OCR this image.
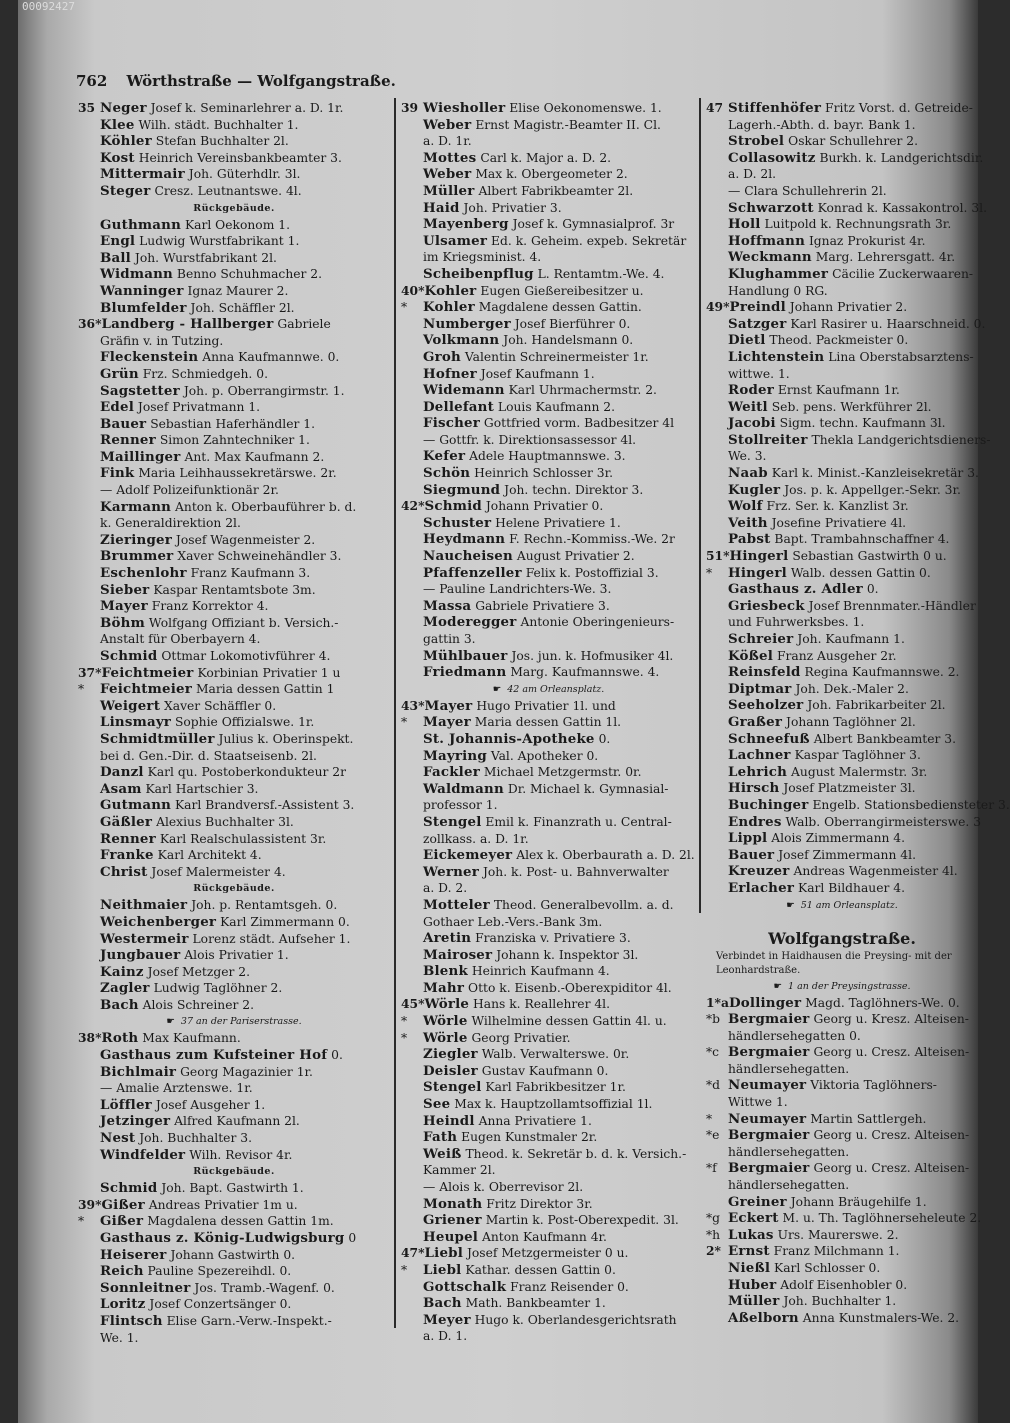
00092427
762 Wörthstraße — Wolfgangstraße.
35 Neger Josef k. Seminarlehrer a. D. 1r.
Klee Wilh. städt. Buchhalter 1.
Köhler Stefan Buchhalter 2l.
Kost Heinrich Vereinsbankbeamter 3.
Mittermair Joh. Güterhdlr. 3l.
Steger Cresz. Leutnantswe. 4l.
Rückgebäude.
Guthmann Karl Oekonom 1.
Engl Ludwig Wurstfabrikant 1.
Ball Joh. Wurstfabrikant 2l.
Widmann Benno Schuhmacher 2.
Wanninger Ignaz Maurer 2.
Blumfelder Joh. Schäffler 2l.
36*Landberg - Hallberger Gabriele
Gräfin v. in Tutzing.
Fleckenstein Anna Kaufmannwe. 0.
Grün Frz. Schmiedgeh. 0.
Sagstetter Joh. p. Oberrangirmstr. 1.
Edel Josef Privatmann 1.
Bauer Sebastian Haferhändler 1.
Renner Simon Zahntechniker 1.
Maillinger Ant. Max Kaufmann 2.
Fink Maria Leihhaussekretärswe. 2r.
— Adolf Polizeifunktionär 2r.
Karmann Anton k. Oberbauführer b. d.
k. Generaldirektion 2l.
Zieringer Josef Wagenmeister 2.
Brummer Xaver Schweinehändler 3.
Eschenlohr Franz Kaufmann 3.
Sieber Kaspar Rentamtsbote 3m.
Mayer Franz Korrektor 4.
Böhm Wolfgang Offiziant b. Versich.-
Anstalt für Oberbayern 4.
Schmid Ottmar Lokomotivführer 4.
37*Feichtmeier Korbinian Privatier 1 u
* Feichtmeier Maria dessen Gattin 1
Weigert Xaver Schäffler 0.
Linsmayr Sophie Offizialswe. 1r.
Schmidtmüller Julius k. Oberinspekt.
bei d. Gen.-Dir. d. Staatseisenb. 2l.
Danzl Karl qu. Postoberkondukteur 2r
Asam Karl Hartschier 3.
Gutmann Karl Brandversf.-Assistent 3.
Gäßler Alexius Buchhalter 3l.
Renner Karl Realschulassistent 3r.
Franke Karl Architekt 4.
Christ Josef Malermeister 4.
Rückgebäude.
Neithmaier Joh. p. Rentamtsgeh. 0.
Weichenberger Karl Zimmermann 0.
Westermeir Lorenz städt. Aufseher 1.
Jungbauer Alois Privatier 1.
Kainz Josef Metzger 2.
Zagler Ludwig Taglöhner 2.
Bach Alois Schreiner 2.
☛ 37 an der Pariserstrasse.
38*Roth Max Kaufmann.
Gasthaus zum Kufsteiner Hof 0.
Bichlmair Georg Magazinier 1r.
— Amalie Arztenswe. 1r.
Löffler Josef Ausgeher 1.
Jetzinger Alfred Kaufmann 2l.
Nest Joh. Buchhalter 3.
Windfelder Wilh. Revisor 4r.
Rückgebäude.
Schmid Joh. Bapt. Gastwirth 1.
39*Gißer Andreas Privatier 1m u.
* Gißer Magdalena dessen Gattin 1m.
Gasthaus z. König-Ludwigsburg 0
Heiserer Johann Gastwirth 0.
Reich Pauline Spezereihdl. 0.
Sonnleitner Jos. Tramb.-Wagenf. 0.
Loritz Josef Conzertsänger 0.
Flintsch Elise Garn.-Verw.-Inspekt.-
We. 1.
39 Wiesholler Elise Oekonomenswe. 1.
Weber Ernst Magistr.-Beamter II. Cl.
a. D. 1r.
Mottes Carl k. Major a. D. 2.
Weber Max k. Obergeometer 2.
Müller Albert Fabrikbeamter 2l.
Haid Joh. Privatier 3.
Mayenberg Josef k. Gymnasialprof. 3r
Ulsamer Ed. k. Geheim. expeb. Sekretär
im Kriegsminist. 4.
Scheibenpflug L. Rentamtm.-We. 4.
40*Kohler Eugen Gießereibesitzer u.
* Kohler Magdalene dessen Gattin.
Numberger Josef Bierführer 0.
Volkmann Joh. Handelsmann 0.
Groh Valentin Schreinermeister 1r.
Hofner Josef Kaufmann 1.
Widemann Karl Uhrmachermstr. 2.
Dellefant Louis Kaufmann 2.
Fischer Gottfried vorm. Badbesitzer 4l
— Gottfr. k. Direktionsassessor 4l.
Kefer Adele Hauptmannswe. 3.
Schön Heinrich Schlosser 3r.
Siegmund Joh. techn. Direktor 3.
42*Schmid Johann Privatier 0.
Schuster Helene Privatiere 1.
Heydmann F. Rechn.-Kommiss.-We. 2r
Naucheisen August Privatier 2.
Pfaffenzeller Felix k. Postoffizial 3.
— Pauline Landrichters-We. 3.
Massa Gabriele Privatiere 3.
Moderegger Antonie Oberingenieurs-
gattin 3.
Mühlbauer Jos. jun. k. Hofmusiker 4l.
Friedmann Marg. Kaufmannswe. 4.
☛ 42 am Orleansplatz.
43*Mayer Hugo Privatier 1l. und
* Mayer Maria dessen Gattin 1l.
St. Johannis-Apotheke 0.
Mayring Val. Apotheker 0.
Fackler Michael Metzgermstr. 0r.
Waldmann Dr. Michael k. Gymnasial-
professor 1.
Stengel Emil k. Finanzrath u. Central-
zollkass. a. D. 1r.
Eickemeyer Alex k. Oberbaurath a. D. 2l.
Werner Joh. k. Post- u. Bahnverwalter
a. D. 2.
Motteler Theod. Generalbevollm. a. d.
Gothaer Leb.-Vers.-Bank 3m.
Aretin Franziska v. Privatiere 3.
Mairoser Johann k. Inspektor 3l.
Blenk Heinrich Kaufmann 4.
Mahr Otto k. Eisenb.-Oberexpiditor 4l.
45*Wörle Hans k. Reallehrer 4l.
* Wörle Wilhelmine dessen Gattin 4l. u.
* Wörle Georg Privatier.
Ziegler Walb. Verwalterswe. 0r.
Deisler Gustav Kaufmann 0.
Stengel Karl Fabrikbesitzer 1r.
See Max k. Hauptzollamtsoffizial 1l.
Heindl Anna Privatiere 1.
Fath Eugen Kunstmaler 2r.
Weiß Theod. k. Sekretär b. d. k. Versich.-
Kammer 2l.
— Alois k. Oberrevisor 2l.
Monath Fritz Direktor 3r.
Griener Martin k. Post-Oberexpedit. 3l.
Heupel Anton Kaufmann 4r.
47*Liebl Josef Metzgermeister 0 u.
* Liebl Kathar. dessen Gattin 0.
Gottschalk Franz Reisender 0.
Bach Math. Bankbeamter 1.
Meyer Hugo k. Oberlandesgerichtsrath
a. D. 1.
47 Stiffenhöfer Fritz Vorst. d. Getreide-
Lagerh.-Abth. d. bayr. Bank 1.
Strobel Oskar Schullehrer 2.
Collasowitz Burkh. k. Landgerichtsdir.
a. D. 2l.
— Clara Schullehrerin 2l.
Schwarzott Konrad k. Kassakontrol. 3l.
Holl Luitpold k. Rechnungsrath 3r.
Hoffmann Ignaz Prokurist 4r.
Weckmann Marg. Lehrersgatt. 4r.
Klughammer Cäcilie Zuckerwaaren-
Handlung 0 RG.
49*Preindl Johann Privatier 2.
Satzger Karl Rasirer u. Haarschneid. 0.
Dietl Theod. Packmeister 0.
Lichtenstein Lina Oberstabsarztens-
wittwe. 1.
Roder Ernst Kaufmann 1r.
Weitl Seb. pens. Werkführer 2l.
Jacobi Sigm. techn. Kaufmann 3l.
Stollreiter Thekla Landgerichtsdieners-
We. 3.
Naab Karl k. Minist.-Kanzleisekretär 3.
Kugler Jos. p. k. Appellger.-Sekr. 3r.
Wolf Frz. Ser. k. Kanzlist 3r.
Veith Josefine Privatiere 4l.
Pabst Bapt. Trambahnschaffner 4.
51*Hingerl Sebastian Gastwirth 0 u.
* Hingerl Walb. dessen Gattin 0.
Gasthaus z. Adler 0.
Griesbeck Josef Brennmater.-Händler
und Fuhrwerksbes. 1.
Schreier Joh. Kaufmann 1.
Kößel Franz Ausgeher 2r.
Reinsfeld Regina Kaufmannswe. 2.
Diptmar Joh. Dek.-Maler 2.
Seeholzer Joh. Fabrikarbeiter 2l.
Graßer Johann Taglöhner 2l.
Schneefuß Albert Bankbeamter 3.
Lachner Kaspar Taglöhner 3.
Lehrich August Malermstr. 3r.
Hirsch Josef Platzmeister 3l.
Buchinger Engelb. Stationsbediensteter 3.
Endres Walb. Oberrangirmeisterswe. 3
Lippl Alois Zimmermann 4.
Bauer Josef Zimmermann 4l.
Kreuzer Andreas Wagenmeister 4l.
Erlacher Karl Bildhauer 4.
☛ 51 am Orleansplatz.
Wolfgangstraße.
Verbindet in Haidhausen die Preysing- mit der Leonhardstraße.
☛ 1 an der Preysingstrasse.
1*aDollinger Magd. Taglöhners-We. 0.
*b Bergmaier Georg u. Kresz. Alteisen-
händlersehegatten 0.
*c Bergmaier Georg u. Cresz. Alteisen-
händlersehegatten.
*d Neumayer Viktoria Taglöhners-
Wittwe 1.
* Neumayer Martin Sattlergeh.
*e Bergmaier Georg u. Cresz. Alteisen-
händlersehegatten.
*f Bergmaier Georg u. Cresz. Alteisen-
händlersehegatten.
Greiner Johann Bräugehilfe 1.
*g Eckert M. u. Th. Taglöhnerseheleute 2.
*h Lukas Urs. Maurerswe. 2.
2* Ernst Franz Milchmann 1.
Nießl Karl Schlosser 0.
Huber Adolf Eisenhobler 0.
Müller Joh. Buchhalter 1.
Aßelborn Anna Kunstmalers-We. 2.
